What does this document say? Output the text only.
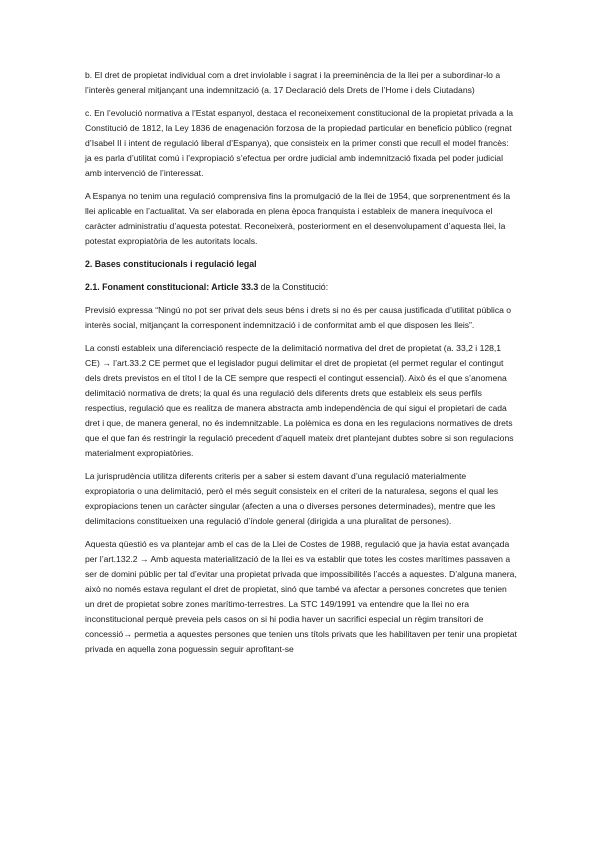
b. El dret de propietat individual com a dret inviolable i sagrat i la preeminència de la llei per a subordinar-lo a l’interès general mitjançant una indemnització (a. 17 Declaració dels Drets de l’Home i dels Ciutadans)

c. En l’evolució normativa a l’Estat espanyol, destaca el reconeixement constitucional de la propietat privada a la Constitució de 1812, la Ley 1836 de enagenación forzosa de la propiedad particular en beneficio público (regnat d’Isabel II i intent de regulació liberal d’Espanya), que consisteix en la primer consti que recull el model francès: ja es parla d’utilitat comú i l’expropiació s’efectua per ordre judicial amb indemnització fixada pel poder judicial amb intervenció de l’interessat.

A Espanya no tenim una regulació comprensiva fins la promulgació de la llei de 1954, que sorprenentment és la llei aplicable en l’actualitat. Va ser elaborada en plena època franquista i estableix de manera inequívoca el caràcter administratiu d’aquesta potestat. Reconeixerà, posteriorment en el desenvolupament d’aquesta llei, la potestat expropiatòria de les autoritats locals.

2. Bases constitucionals i regulació legal
2.1. Fonament constitucional: Article 33.3 de la Constitució:

Previsió expressa “Ningú no pot ser privat dels seus béns i drets si no és per causa justificada d’utilitat pública o interès social, mitjançant la corresponent indemnització i de conformitat amb el que disposen les lleis”.

La consti estableix una diferenciació respecte de la delimitació normativa del dret de propietat (a. 33,2 i 128,1 CE) → l’art.33.2 CE permet que el legislador pugui delimitar el dret de propietat (el permet regular el contingut dels drets previstos en el títol I de la CE sempre que respecti el contingut essencial). Això és el que s’anomena delimitació normativa de drets; la qual és una regulació dels diferents drets que estableix els seus perfils respectius, regulació que es realitza de manera abstracta amb independència de qui sigui el propietari de cada dret i que, de manera general, no és indemnitzable. La polèmica es dona en les regulacions normatives de drets que el que fan és restringir la regulació precedent d’aquell mateix dret plantejant dubtes sobre si son regulacions materialment expropiatòries.

La jurisprudència utilitza diferents criteris per a saber si estem davant d’una regulació materialmente expropiatoria o una delimitació, però el més seguit consisteix en el criteri de la naturalesa, segons el qual les expropiacions tenen un caràcter singular (afecten a una o diverses persones determinades), mentre que les delimitacions constitueixen una regulació d’índole general (dirigida a una pluralitat de persones).

Aquesta qüestió es va plantejar amb el cas de la Llei de Costes de 1988, regulació que ja havia estat avançada per l’art.132.2 → Amb aquesta materialització de la llei es va establir que totes les costes marítimes passaven a ser de domini públic per tal d’evitar una propietat privada que impossibilités l’accés a aquestes. D’alguna manera, això no només estava regulant el dret de propietat, sinó que també va afectar a persones concretes que tenien un dret de propietat sobre zones marítimo-terrestres. La STC 149/1991 va entendre que la llei no era inconstitucional perquè preveia pels casos on si hi podia haver un sacrifici especial un règim transitori de concessió→ permetia a aquestes persones que tenien uns títols privats que les habilitaven per tenir una propietat privada en aquella zona poguessin seguir aprofitant-se
